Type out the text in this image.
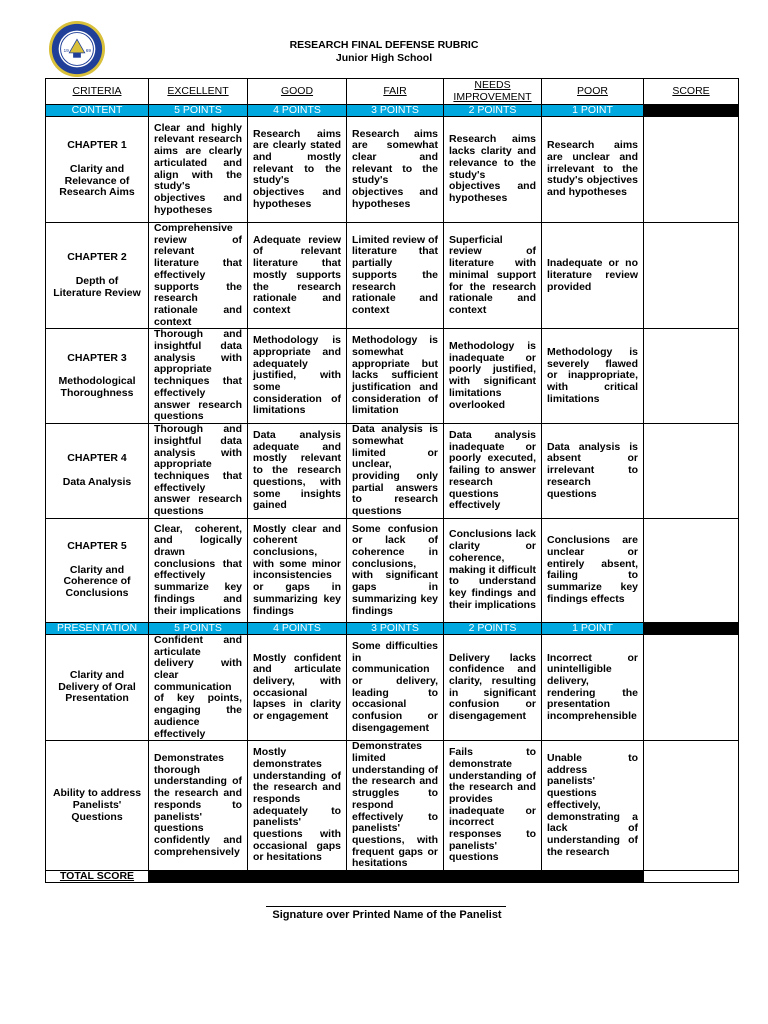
19	69
RESEARCH FINAL DEFENSE RUBRIC
Junior High School
CRITERIA	EXCELLENT	GOOD	FAIR	NEEDS IMPROVEMENT	POOR	SCORE
CONTENT	5 POINTS	4 POINTS	3 POINTS	2 POINTS	1 POINT	

CHAPTER 1
Clarity and Relevance of Research Aims	Clear and highly relevant research aims are clearly articulated and align with the study's objectives and hypotheses	Research aims are clearly stated and mostly relevant to the study's objectives and hypotheses	Research aims are somewhat clear and relevant to the study's objectives and hypotheses	Research aims lacks clarity and relevance to the study's objectives and hypotheses	Research aims are unclear and irrelevant to the study's objectives and hypotheses	

CHAPTER 2
Depth of Literature Review	Comprehensive review of relevant literature that effectively supports the research rationale and context	Adequate review of relevant literature that mostly supports the research rationale and context	Limited review of literature that partially supports the research rationale and context	Superficial review of literature with minimal support for the research rationale and context	Inadequate or no literature review provided	

CHAPTER 3
Methodological Thoroughness	Thorough and insightful data analysis with appropriate techniques that effectively answer research questions	Methodology is appropriate and adequately justified, with some consideration of limitations	Methodology is somewhat appropriate but lacks sufficient justification and consideration of limitation	Methodology is inadequate or poorly justified, with significant limitations overlooked	Methodology is severely flawed or inappropriate, with critical limitations	

CHAPTER 4
Data Analysis	Thorough and insightful data analysis with appropriate techniques that effectively answer research questions	Data analysis adequate and mostly relevant to the research questions, with some insights gained	Data analysis is somewhat limited or unclear, providing only partial answers to research questions	Data analysis inadequate or poorly executed, failing to answer research questions effectively	Data analysis is absent or irrelevant to research questions	

CHAPTER 5
Clarity and Coherence of Conclusions	Clear, coherent, and logically drawn conclusions that effectively summarize key findings and their implications	Mostly clear and coherent conclusions, with some minor inconsistencies or gaps in summarizing key findings	Some confusion or lack of coherence in conclusions, with significant gaps in summarizing key findings	Conclusions lack clarity or coherence, making it difficult to understand key findings and their implications	Conclusions are unclear or entirely absent, failing to summarize key findings effects	
PRESENTATION	5 POINTS	4 POINTS	3 POINTS	2 POINTS	1 POINT	

Clarity and Delivery of Oral Presentation	Confident and articulate delivery with clear communication of key points, engaging the audience effectively	Mostly confident and articulate delivery, with occasional lapses in clarity or engagement	Some difficulties in communication or delivery, leading to occasional confusion or disengagement	Delivery lacks confidence and clarity, resulting in significant confusion or disengagement	Incorrect or unintelligible delivery, rendering the presentation incomprehensible	

Ability to address Panelists' Questions	Demonstrates thorough understanding of the research and responds to panelists' questions confidently and comprehensively	Mostly demonstrates understanding of the research and responds adequately to panelists' questions with occasional gaps or hesitations	Demonstrates limited understanding of the research and struggles to respond effectively to panelists' questions, with frequent gaps or hesitations	Fails to demonstrate understanding of the research and provides inadequate or incorrect responses to panelists' questions	Unable to address panelists' questions effectively, demonstrating a lack of understanding of the research	
TOTAL SCORE						
Signature over Printed Name of the Panelist
